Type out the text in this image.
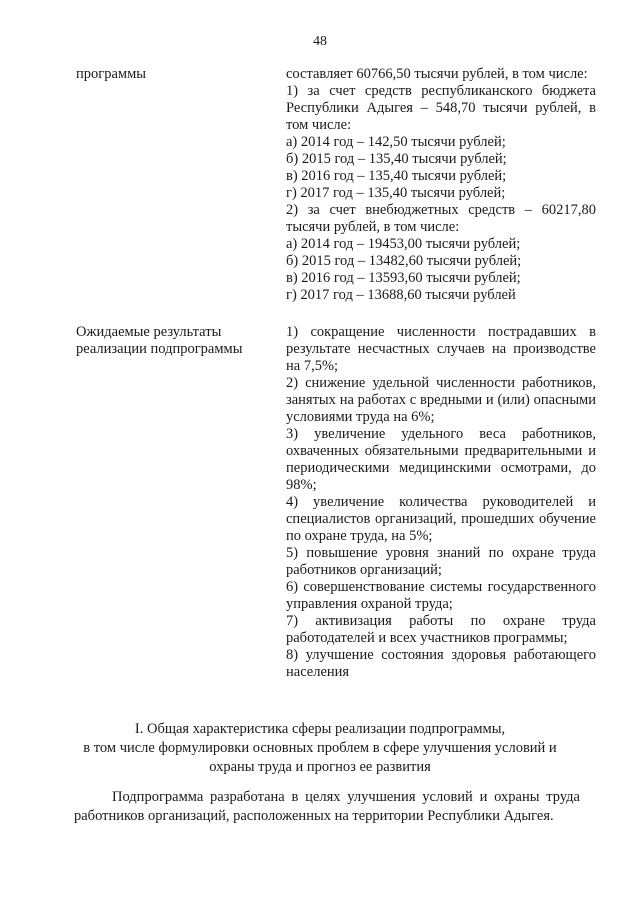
48
программы	составляет 60766,50 тысячи рублей, в том числе:
1) за счет средств республиканского бюджета Республики Адыгея – 548,70 тысячи рублей, в том числе:
а) 2014 год – 142,50 тысячи рублей;
б) 2015 год – 135,40 тысячи рублей;
в) 2016 год – 135,40 тысячи рублей;
г) 2017 год – 135,40 тысячи рублей;
2) за счет внебюджетных средств – 60217,80 тысячи рублей, в том числе:
а) 2014 год – 19453,00 тысячи рублей;
б) 2015 год – 13482,60 тысячи рублей;
в) 2016 год – 13593,60 тысячи рублей;
г) 2017 год – 13688,60 тысячи рублей
Ожидаемые результаты реализации подпрограммы
1) сокращение численности пострадавших в результате несчастных случаев на производстве на 7,5%;
2) снижение удельной численности работников, занятых на работах с вредными и (или) опасными условиями труда на 6%;
3) увеличение удельного веса работников, охваченных обязательными предварительными и периодическими медицинскими осмотрами, до 98%;
4) увеличение количества руководителей и специалистов организаций, прошедших обучение по охране труда, на 5%;
5) повышение уровня знаний по охране труда работников организаций;
6) совершенствование системы государственного управления охраной труда;
7) активизация работы по охране труда работодателей и всех участников программы;
8) улучшение состояния здоровья работающего населения
I. Общая характеристика сферы реализации подпрограммы,
в том числе формулировки основных проблем в сфере улучшения условий и
охраны труда и прогноз ее развития
Подпрограмма разработана в целях улучшения условий и охраны труда работников организаций, расположенных на территории Республики Адыгея.
